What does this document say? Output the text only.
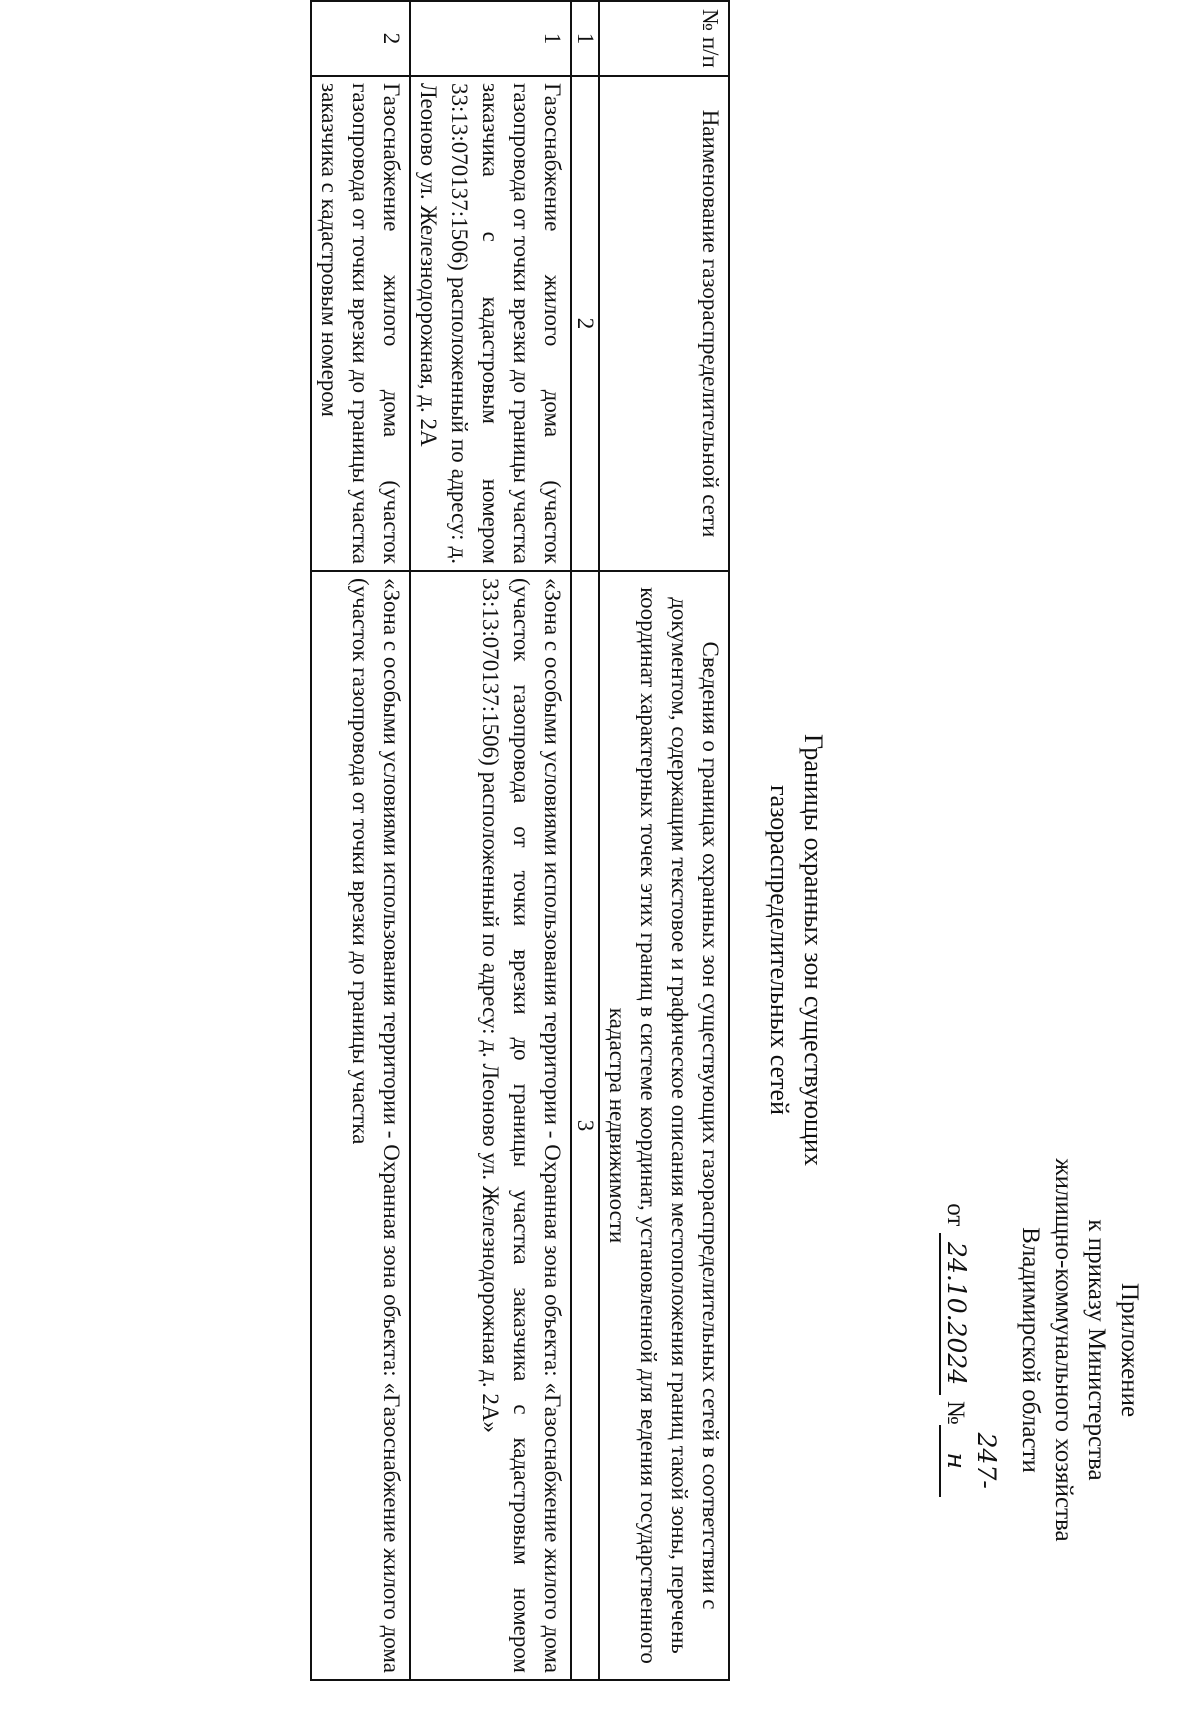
Приложение
к приказу Министерства
жилищно-коммунального хозяйства
Владимирской области
от 24.10.2024 №247-н
Границы охранных зон существующих
газораспределительных сетей
№ п/п	Наименование газораспределительной сети	Сведения о границах охранных зон существующих газораспределительных сетей в соответствии с документом, содержащим текстовое и графическое описания местоположения границ такой зоны, перечень координат характерных точек этих границ в системе координат, установленной для ведения государственного кадастра недвижимости
1	2	3
1	Газоснабжение жилого дома (участок газопровода от точки врезки до границы участка заказчика с кадастровым номером 33:13:070137:1506) расположенный по адресу: д. Леоново ул. Железнодорожная, д. 2А	«Зона с особыми условиями использования территории - Охранная зона объекта: «Газоснабжение жилого дома (участок газопровода от точки врезки до границы участка заказчика с кадастровым номером 33:13:070137:1506) расположенный по адресу: д. Леоново ул. Железнодорожная д. 2А»
2	Газоснабжение жилого дома (участок газопровода от точки врезки до границы участка заказчика с кадастровым номером	«Зона с особыми условиями использования территории - Охранная зона объекта: «Газоснабжение жилого дома (участок газопровода от точки врезки до границы участка
